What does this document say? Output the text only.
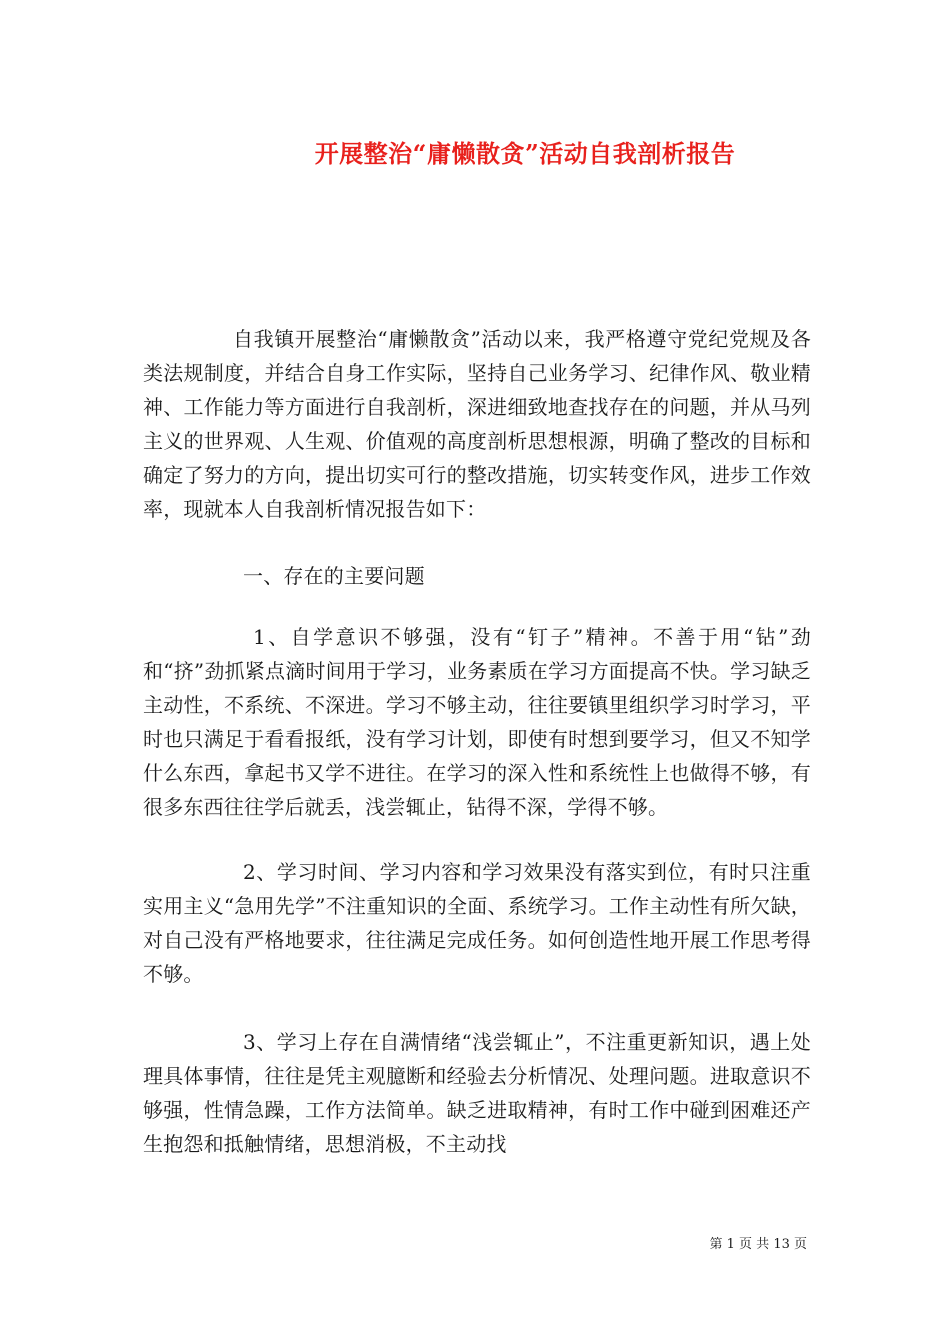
开展整治“庸懒散贪”活动自我剖析报告

自我镇开展整治“庸懒散贪”活动以来，我严格遵守党纪党规及各类法规制度，并结合自身工作实际，坚持自己业务学习、纪律作风、敬业精神、工作能力等方面进行自我剖析，深进细致地查找存在的问题，并从马列主义的世界观、人生观、价值观的高度剖析思想根源，明确了整改的目标和确定了努力的方向，提出切实可行的整改措施，切实转变作风，进步工作效率，现就本人自我剖析情况报告如下：

一、存在的主要问题

1、自学意识不够强，没有“钉子”精神。不善于用“钻”劲和“挤”劲抓紧点滴时间用于学习，业务素质在学习方面提高不快。学习缺乏主动性，不系统、不深进。学习不够主动，往往要镇里组织学习时学习，平时也只满足于看看报纸，没有学习计划，即使有时想到要学习，但又不知学什么东西，拿起书又学不进往。在学习的深入性和系统性上也做得不够，有很多东西往往学后就丢，浅尝辄止，钻得不深，学得不够。

2、学习时间、学习内容和学习效果没有落实到位，有时只注重实用主义“急用先学”不注重知识的全面、系统学习。工作主动性有所欠缺，对自己没有严格地要求，往往满足完成任务。如何创造性地开展工作思考得不够。

3、学习上存在自满情绪“浅尝辄止”，不注重更新知识，遇上处理具体事情，往往是凭主观臆断和经验去分析情况、处理问题。进取意识不够强，性情急躁，工作方法简单。缺乏进取精神，有时工作中碰到困难还产生抱怨和抵触情绪，思想消极，不主动找

第 1 页 共 13 页
